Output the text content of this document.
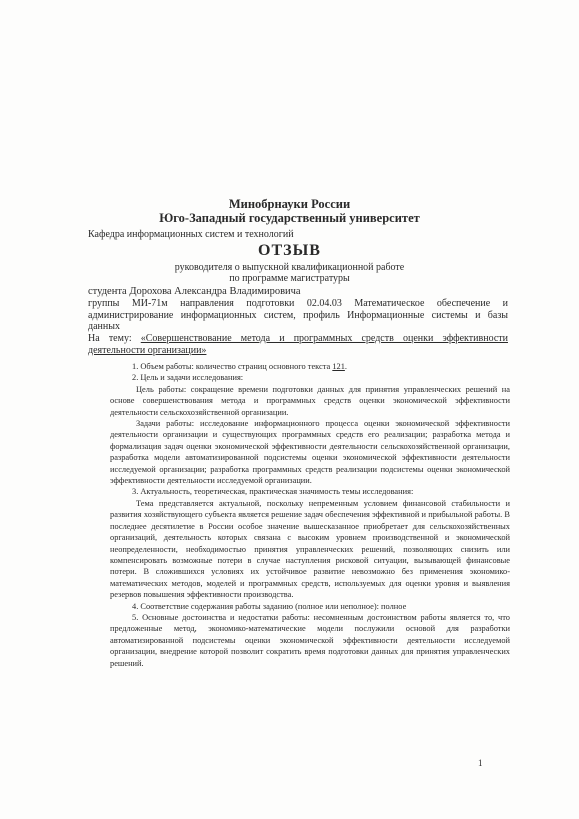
Минобрнауки России
Юго-Западный государственный университет
Кафедра информационных систем и технологий
ОТЗЫВ
руководителя о выпускной квалификационной работе
по программе магистратуры
студента Дорохова Александра Владимировича
группы МИ-71м направления подготовки 02.04.03 Математическое обеспечение и администрирование информационных систем, профиль Информационные системы и базы данных
На тему: «Совершенствование метода и программных средств оценки эффективности деятельности организации»

1. Объем работы: количество страниц основного текста 121.

2. Цель и задачи исследования:

Цель работы: сокращение времени подготовки данных для принятия управленческих решений на основе совершенствования метода и программных средств оценки экономической эффективности деятельности сельскохозяйственной организации.

Задачи работы: исследование информационного процесса оценки экономической эффективности деятельности организации и существующих программных средств его реализации; разработка метода и формализация задач оценки экономической эффективности деятельности сельскохозяйственной организации, разработка модели автоматизированной подсистемы оценки экономической эффективности деятельности исследуемой организации; разработка программных средств реализации подсистемы оценки экономической эффективности деятельности исследуемой организации.

3. Актуальность, теоретическая, практическая значимость темы исследования:

Тема представляется актуальной, поскольку непременным условием финансовой стабильности и развития хозяйствующего субъекта является решение задач обеспечения эффективной и прибыльной работы. В последнее десятилетие в России особое значение вышесказанное приобретает для сельскохозяйственных организаций, деятельность которых связана с высоким уровнем производственной и экономической неопределенности, необходимостью принятия управленческих решений, позволяющих снизить или компенсировать возможные потери в случае наступления рисковой ситуации, вызывающей финансовые потери. В сложившихся условиях их устойчивое развитие невозможно без применения экономико-математических методов, моделей и программных средств, используемых для оценки уровня и выявления резервов повышения эффективности производства.

4. Соответствие содержания работы заданию (полное или неполное): полное

5. Основные достоинства и недостатки работы: несомненным достоинством работы является то, что предложенные метод, экономико-математические модели послужили основой для разработки автоматизированной подсистемы оценки экономической эффективности деятельности исследуемой организации, внедрение которой позволит сократить время подготовки данных для принятия управленческих решений.

1
